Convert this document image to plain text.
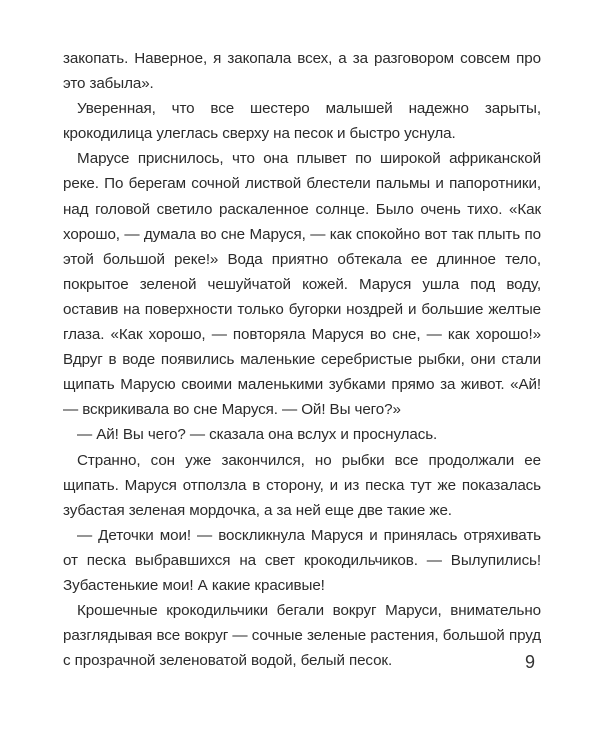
закопать. Наверное, я закопала всех, а за разговором совсем про это забыла».

Уверенная, что все шестеро малышей надежно зарыты, крокодилица улеглась сверху на песок и быстро уснула.

Марусе приснилось, что она плывет по широкой африканской реке. По берегам сочной листвой блестели пальмы и папоротники, над головой светило раскаленное солнце. Было очень тихо. «Как хорошо, — думала во сне Маруся, — как спокойно вот так плыть по этой большой реке!» Вода приятно обтекала ее длинное тело, покрытое зеленой чешуйчатой кожей. Маруся ушла под воду, оставив на поверхности только бугорки ноздрей и большие желтые глаза. «Как хорошо, — повторяла Маруся во сне, — как хорошо!» Вдруг в воде появились маленькие серебристые рыбки, они стали щипать Марусю своими маленькими зубками прямо за живот. «Ай! — вскрикивала во сне Маруся. — Ой! Вы чего?»

— Ай! Вы чего? — сказала она вслух и проснулась.

Странно, сон уже закончился, но рыбки все продолжали ее щипать. Маруся отползла в сторону, и из песка тут же показалась зубастая зеленая мордочка, а за ней еще две такие же.

— Деточки мои! — воскликнула Маруся и принялась отряхивать от песка выбравшихся на свет крокодильчиков. — Вылупились! Зубастенькие мои! А какие красивые!

Крошечные крокодильчики бегали вокруг Маруси, внимательно разглядывая все вокруг — сочные зеленые растения, большой пруд с прозрачной зеленоватой водой, белый песок.	9
